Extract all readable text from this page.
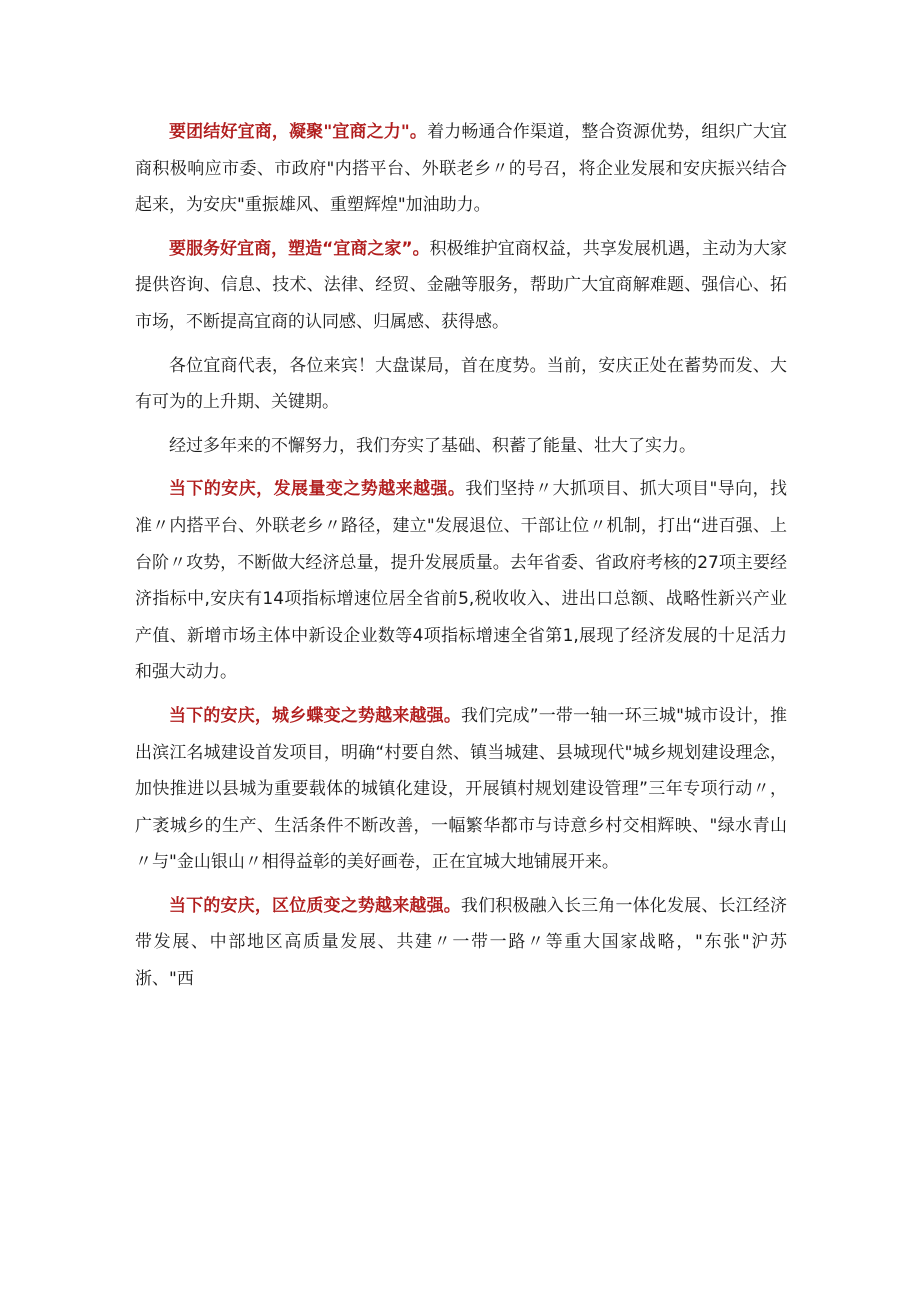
要团结好宜商，凝聚"宜商之力"。着力畅通合作渠道，整合资源优势，组织广大宜商积极响应市委、市政府"内搭平台、外联老乡〃的号召，将企业发展和安庆振兴结合起来，为安庆"重振雄风、重塑辉煌"加油助力。

要服务好宜商，塑造“宜商之家”。积极维护宜商权益，共享发展机遇，主动为大家提供咨询、信息、技术、法律、经贸、金融等服务，帮助广大宜商解难题、强信心、拓市场，不断提高宜商的认同感、归属感、获得感。

各位宜商代表，各位来宾！大盘谋局，首在度势。当前，安庆正处在蓄势而发、大有可为的上升期、关键期。

经过多年来的不懈努力，我们夯实了基础、积蓄了能量、壮大了实力。

当下的安庆，发展量变之势越来越强。我们坚持〃大抓项目、抓大项目"导向，找准〃内搭平台、外联老乡〃路径，建立"发展退位、干部让位〃机制，打出“进百强、上台阶〃攻势，不断做大经济总量，提升发展质量。去年省委、省政府考核的27项主要经济指标中,安庆有14项指标增速位居全省前5,税收收入、进出口总额、战略性新兴产业产值、新增市场主体中新设企业数等4项指标增速全省第1,展现了经济发展的十足活力和强大动力。

当下的安庆，城乡蝶变之势越来越强。我们完成”一带一轴一环三城"城市设计，推出滨江名城建设首发项目，明确“村要自然、镇当城建、县城现代"城乡规划建设理念，加快推进以县城为重要载体的城镇化建设，开展镇村规划建设管理”三年专项行动〃，广袤城乡的生产、生活条件不断改善，一幅繁华都市与诗意乡村交相辉映、"绿水青山〃与"金山银山〃相得益彰的美好画卷，正在宜城大地铺展开来。

当下的安庆，区位质变之势越来越强。我们积极融入长三角一体化发展、长江经济带发展、中部地区高质量发展、共建〃一带一路〃等重大国家战略，"东张"沪苏浙、"西
